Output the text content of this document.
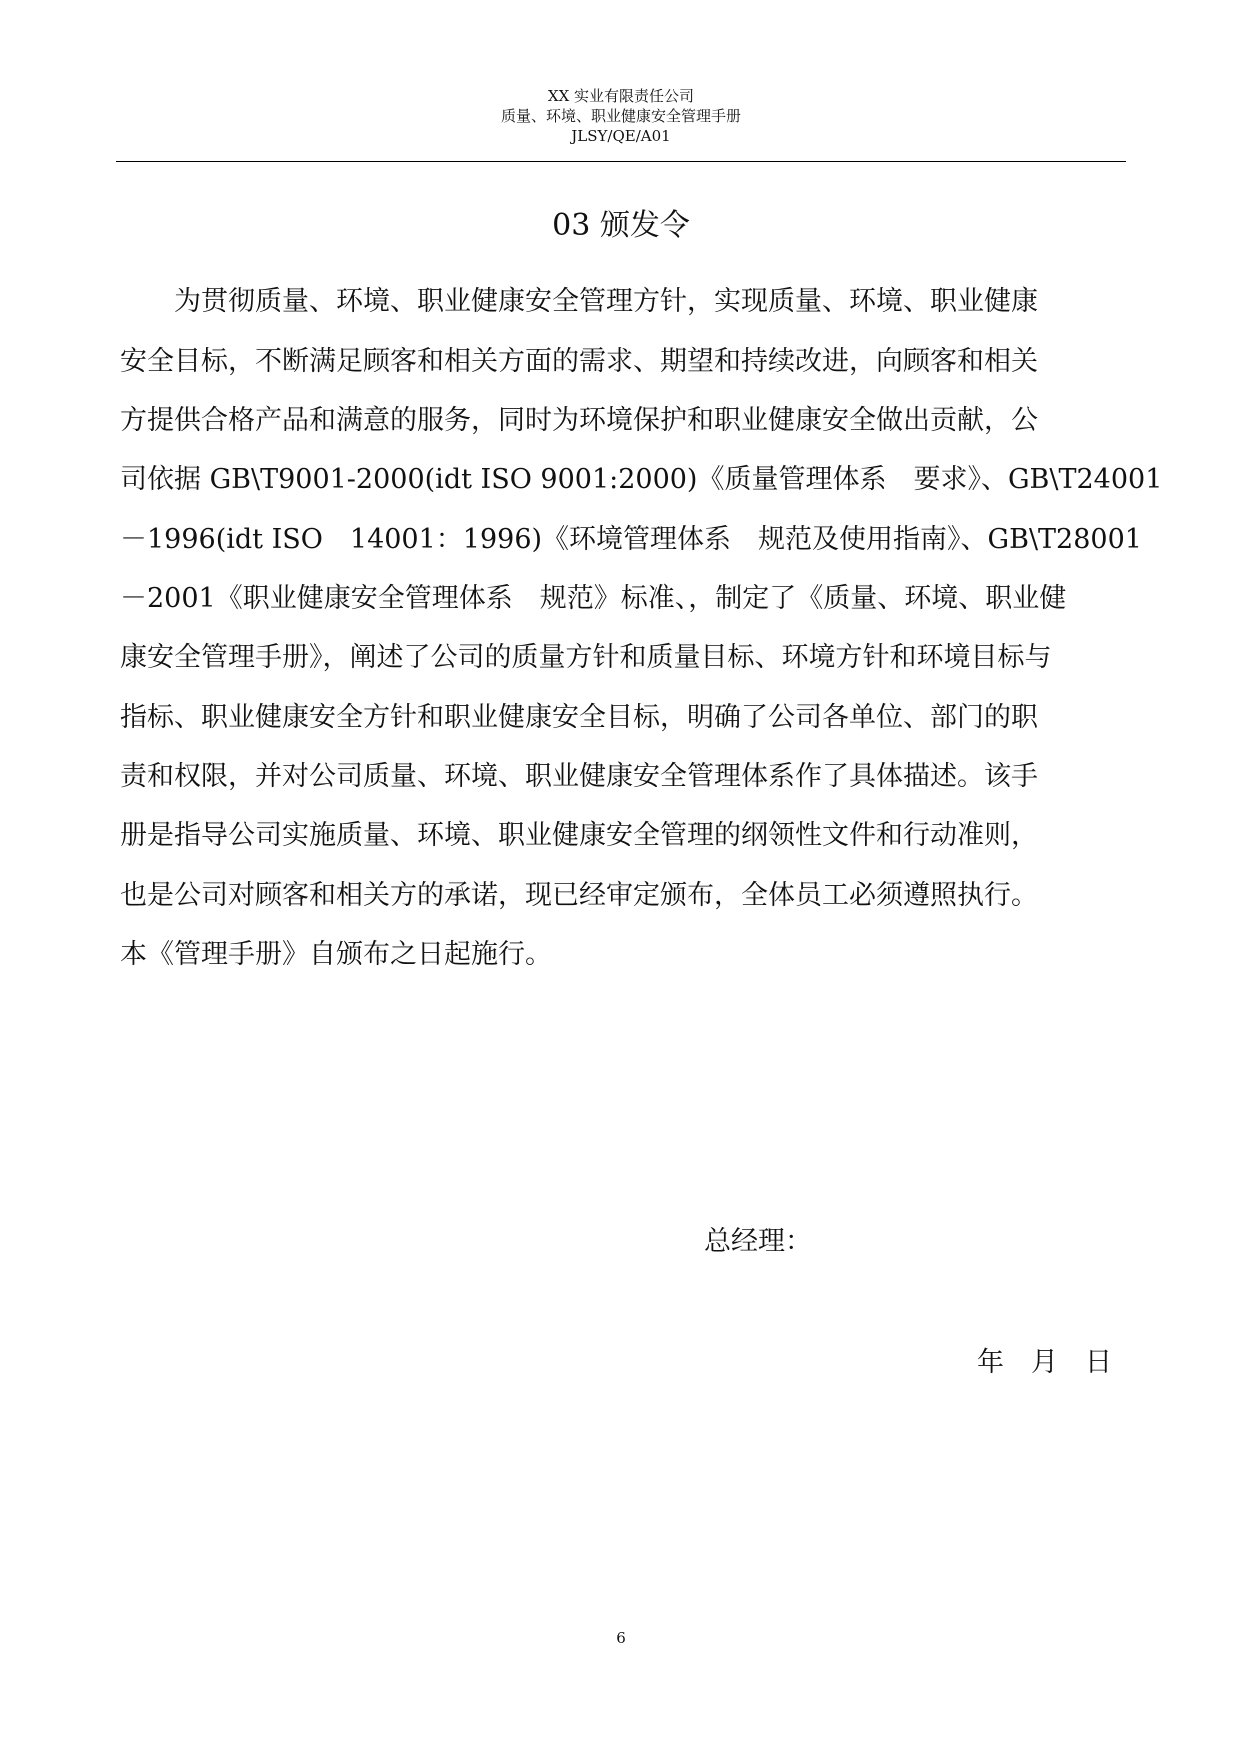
XX 实业有限责任公司
质量、环境、职业健康安全管理手册
JLSY/QE/A01
03 颁发令
　　为贯彻质量、环境、职业健康安全管理方针，实现质量、环境、职业健康
安全目标，不断满足顾客和相关方面的需求、期望和持续改进，向顾客和相关
方提供合格产品和满意的服务，同时为环境保护和职业健康安全做出贡献，公
司依据 GB\T9001-2000(idt ISO 9001:2000)《质量管理体系　要求》、GB\T24001
－1996(idt ISO　14001：1996)《环境管理体系　规范及使用指南》、GB\T28001
－2001《职业健康安全管理体系　规范》标准、，制定了《质量、环境、职业健
康安全管理手册》，阐述了公司的质量方针和质量目标、环境方针和环境目标与
指标、职业健康安全方针和职业健康安全目标，明确了公司各单位、部门的职
责和权限，并对公司质量、环境、职业健康安全管理体系作了具体描述。该手
册是指导公司实施质量、环境、职业健康安全管理的纲领性文件和行动准则，
也是公司对顾客和相关方的承诺，现已经审定颁布，全体员工必须遵照执行。
本《管理手册》自颁布之日起施行。
总经理：
年　月　日
6
